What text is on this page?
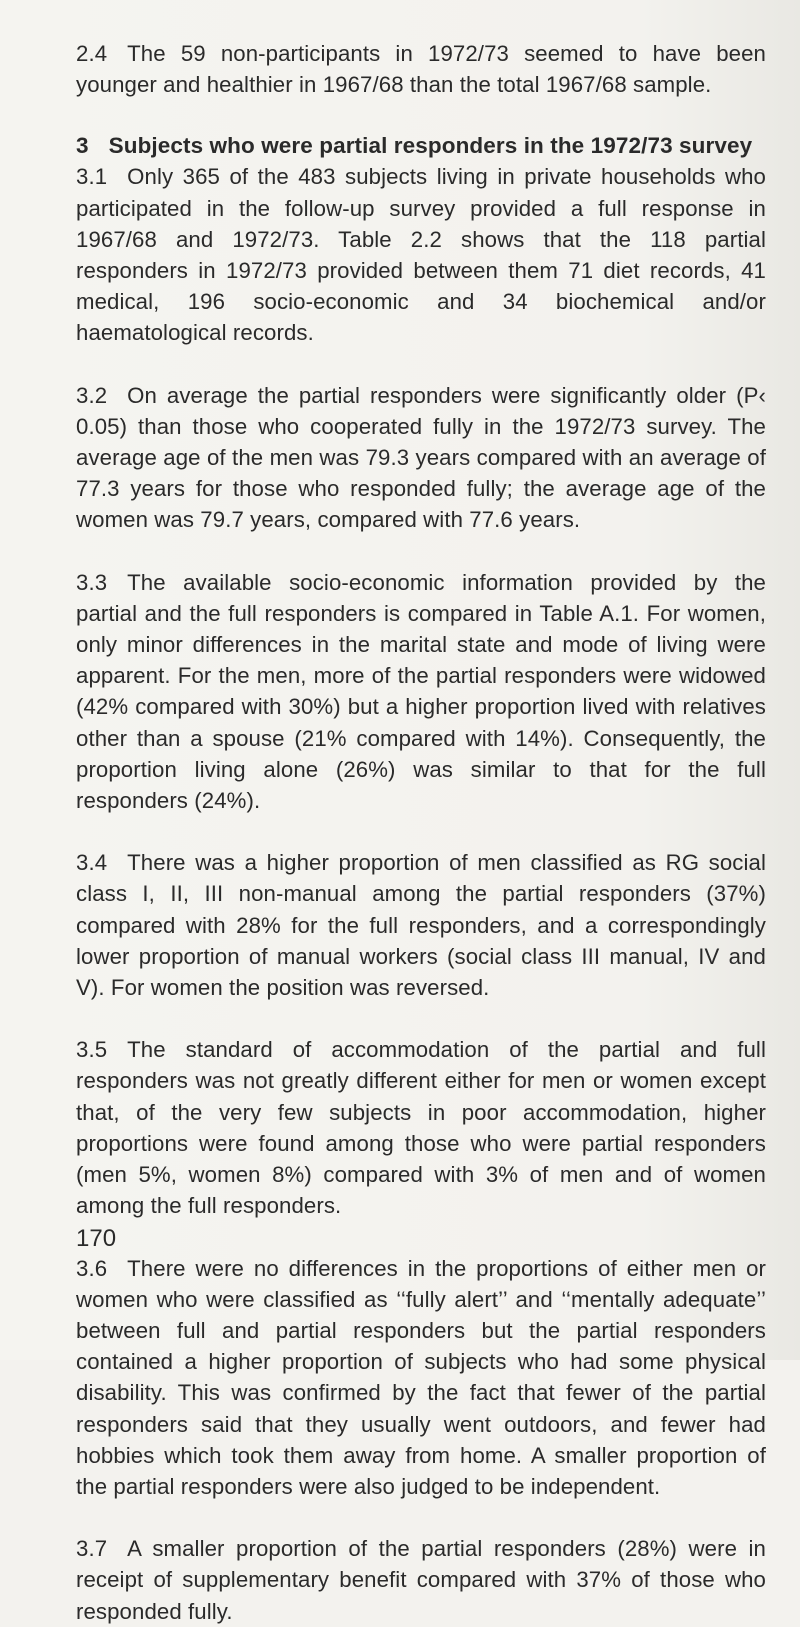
2.4 The 59 non-participants in 1972/73 seemed to have been younger and healthier in 1967/68 than the total 1967/68 sample.

3 Subjects who were partial responders in the 1972/73 survey

3.1 Only 365 of the 483 subjects living in private households who participated in the follow-up survey provided a full response in 1967/68 and 1972/73. Table 2.2 shows that the 118 partial responders in 1972/73 provided between them 71 diet records, 41 medical, 196 socio-economic and 34 biochemical and/or haematological records.

3.2 On average the partial responders were significantly older (P‹ 0.05) than those who cooperated fully in the 1972/73 survey. The average age of the men was 79.3 years compared with an average of 77.3 years for those who responded fully; the average age of the women was 79.7 years, compared with 77.6 years.

3.3 The available socio-economic information provided by the partial and the full responders is compared in Table A.1. For women, only minor differences in the marital state and mode of living were apparent. For the men, more of the partial responders were widowed (42% compared with 30%) but a higher proportion lived with relatives other than a spouse (21% compared with 14%). Consequently, the proportion living alone (26%) was similar to that for the full responders (24%).

3.4 There was a higher proportion of men classified as RG social class I, II, III non-manual among the partial responders (37%) compared with 28% for the full responders, and a correspondingly lower proportion of manual workers (social class III manual, IV and V). For women the position was reversed.

3.5 The standard of accommodation of the partial and full responders was not greatly different either for men or women except that, of the very few subjects in poor accommodation, higher proportions were found among those who were partial responders (men 5%, women 8%) compared with 3% of men and of women among the full responders.

3.6 There were no differences in the proportions of either men or women who were classified as ‘‘fully alert’’ and ‘‘mentally adequate’’ between full and partial responders but the partial responders contained a higher proportion of subjects who had some physical disability. This was confirmed by the fact that fewer of the partial responders said that they usually went outdoors, and fewer had hobbies which took them away from home. A smaller proportion of the partial responders were also judged to be independent.

3.7 A smaller proportion of the partial responders (28%) were in receipt of supplementary benefit compared with 37% of those who responded fully.

170
